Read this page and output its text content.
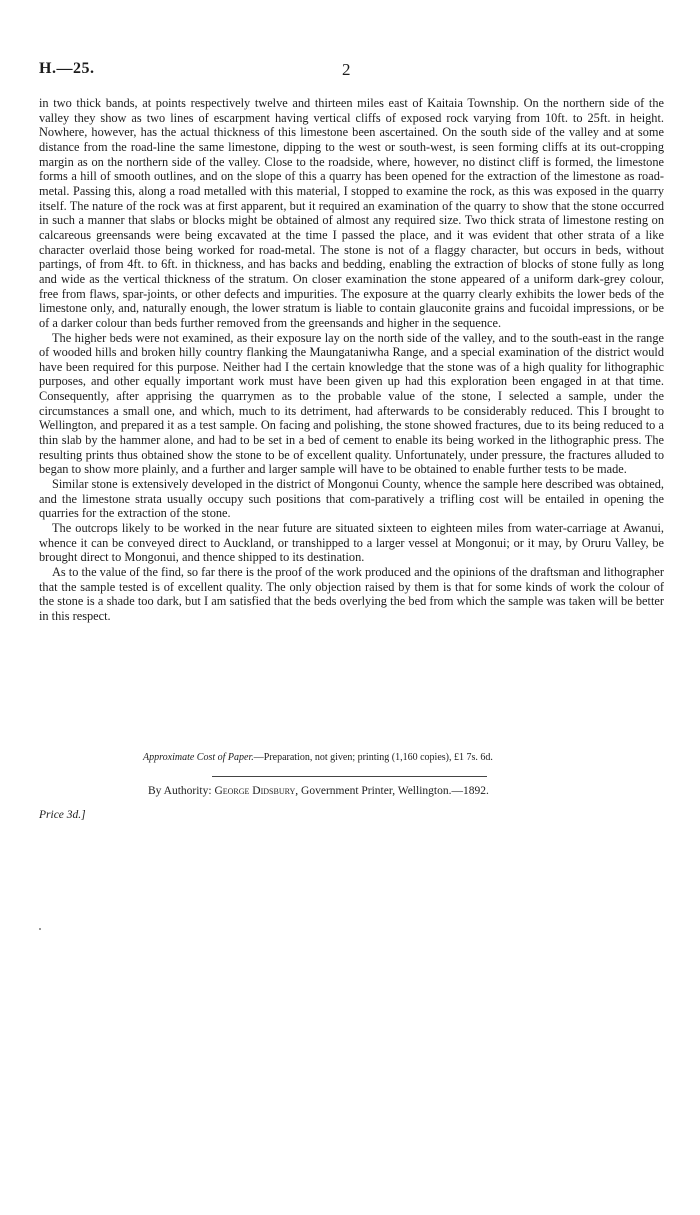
H.—25.	2

in two thick bands, at points respectively twelve and thirteen miles east of Kaitaia Township. On the northern side of the valley they show as two lines of escarpment having vertical cliffs of exposed rock varying from 10ft. to 25ft. in height. Nowhere, however, has the actual thickness of this limestone been ascertained. On the south side of the valley and at some distance from the road-line the same limestone, dipping to the west or south-west, is seen forming cliffs at its out-cropping margin as on the northern side of the valley. Close to the roadside, where, however, no distinct cliff is formed, the limestone forms a hill of smooth outlines, and on the slope of this a quarry has been opened for the extraction of the limestone as road-metal. Passing this, along a road metalled with this material, I stopped to examine the rock, as this was exposed in the quarry itself. The nature of the rock was at first apparent, but it required an examination of the quarry to show that the stone occurred in such a manner that slabs or blocks might be obtained of almost any required size. Two thick strata of limestone resting on calcareous greensands were being excavated at the time I passed the place, and it was evident that other strata of a like character overlaid those being worked for road-metal. The stone is not of a flaggy character, but occurs in beds, without partings, of from 4ft. to 6ft. in thickness, and has backs and bedding, enabling the extraction of blocks of stone fully as long and wide as the vertical thickness of the stratum. On closer examination the stone appeared of a uniform dark-grey colour, free from flaws, spar-joints, or other defects and impurities. The exposure at the quarry clearly exhibits the lower beds of the limestone only, and, naturally enough, the lower stratum is liable to contain glauconite grains and fucoidal impressions, or be of a darker colour than beds further removed from the greensands and higher in the sequence.

The higher beds were not examined, as their exposure lay on the north side of the valley, and to the south-east in the range of wooded hills and broken hilly country flanking the Maungataniwha Range, and a special examination of the district would have been required for this purpose. Neither had I the certain knowledge that the stone was of a high quality for lithographic purposes, and other equally important work must have been given up had this exploration been engaged in at that time. Consequently, after apprising the quarrymen as to the probable value of the stone, I selected a sample, under the circumstances a small one, and which, much to its detriment, had afterwards to be considerably reduced. This I brought to Wellington, and prepared it as a test sample. On facing and polishing, the stone showed fractures, due to its being reduced to a thin slab by the hammer alone, and had to be set in a bed of cement to enable its being worked in the lithographic press. The resulting prints thus obtained show the stone to be of excellent quality. Unfortunately, under pressure, the fractures alluded to began to show more plainly, and a further and larger sample will have to be obtained to enable further tests to be made.

Similar stone is extensively developed in the district of Mongonui County, whence the sample here described was obtained, and the limestone strata usually occupy such positions that com-paratively a trifling cost will be entailed in opening the quarries for the extraction of the stone.

The outcrops likely to be worked in the near future are situated sixteen to eighteen miles from water-carriage at Awanui, whence it can be conveyed direct to Auckland, or transhipped to a larger vessel at Mongonui; or it may, by Oruru Valley, be brought direct to Mongonui, and thence shipped to its destination.

As to the value of the find, so far there is the proof of the work produced and the opinions of the draftsman and lithographer that the sample tested is of excellent quality. The only objection raised by them is that for some kinds of work the colour of the stone is a shade too dark, but I am satisfied that the beds overlying the bed from which the sample was taken will be better in this respect.

Approximate Cost of Paper.—Preparation, not given; printing (1,160 copies), £1 7s. 6d.
By Authority: George Didsbury, Government Printer, Wellington.—1892.
Price 3d.]
